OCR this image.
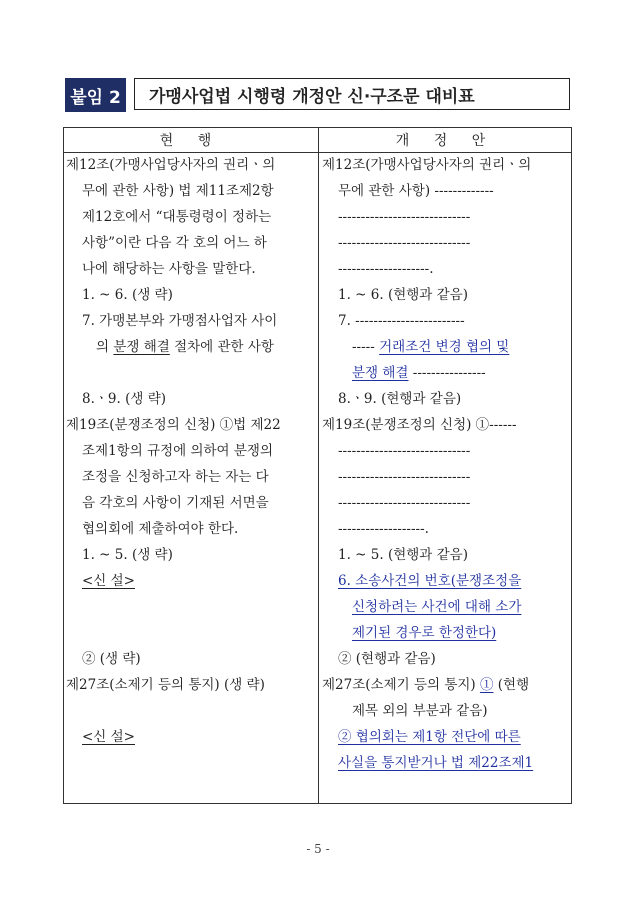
붙임 2	가맹사업법 시행령 개정안 신·구조문 대비표
현 행	개 정 안
제12조(가맹사업당사자의 권리ㆍ의
무에 관한 사항) 법 제11조제2항
제12호에서 “대통령령이 정하는
사항”이란 다음 각 호의 어느 하
나에 해당하는 사항을 말한다.
1. ~ 6. (생 략)
7. 가맹본부와 가맹점사업자 사이
의 분쟁 해결 절차에 관한 사항
8.ㆍ9. (생 략)
제19조(분쟁조정의 신청) ①법 제22
조제1항의 규정에 의하여 분쟁의
조정을 신청하고자 하는 자는 다
음 각호의 사항이 기재된 서면을
협의회에 제출하여야 한다.
1. ~ 5. (생 략)
<신 설>
② (생 략)
제27조(소제기 등의 통지) (생 략)
<신 설>
제12조(가맹사업당사자의 권리ㆍ의
무에 관한 사항) -------------
-----------------------------
-----------------------------
--------------------.
1. ~ 6. (현행과 같음)
7. ------------------------
----- 거래조건 변경 협의 및
분쟁 해결 ----------------
8.ㆍ9. (현행과 같음)
제19조(분쟁조정의 신청) ①------
-----------------------------
-----------------------------
-----------------------------
-------------------.
1. ~ 5. (현행과 같음)
6. 소송사건의 번호(분쟁조정을
신청하려는 사건에 대해 소가
제기된 경우로 한정한다)
② (현행과 같음)
제27조(소제기 등의 통지) ① (현행
제목 외의 부분과 같음)
② 협의회는 제1항 전단에 따른
사실을 통지받거나 법 제22조제1
- 5 -
